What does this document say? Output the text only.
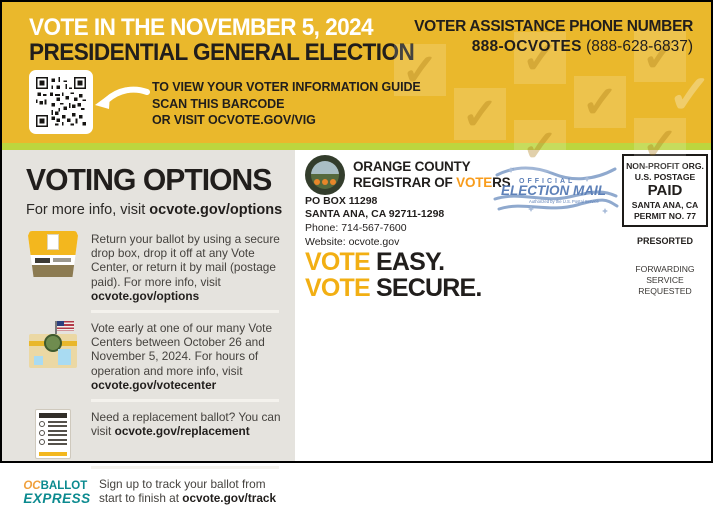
✓
✓
✓
✓
✓
✓
✓
✓
VOTE IN THE NOVEMBER 5, 2024
PRESIDENTIAL GENERAL ELECTION
VOTER ASSISTANCE PHONE NUMBER
888-OCVOTES (888-628-6837)
TO VIEW YOUR VOTER INFORMATION GUIDE
SCAN THIS BARCODE
OR VISIT OCVOTE.GOV/VIG
VOTING OPTIONS
For more info, visit ocvote.gov/options
Return your ballot by using a secure drop box, drop it off at any Vote Center, or return it by mail (postage paid). For more info, visit ocvote.gov/options
Vote early at one of our many Vote Centers between October 26 and November 5, 2024. For hours of operation and more info, visit ocvote.gov/votecenter
Need a replacement ballot? You can visit ocvote.gov/replacement
OCBALLOT
EXPRESS
Sign up to track your ballot from start to finish at ocvote.gov/track
ORANGE COUNTY
REGISTRAR OF VOTERS
PO BOX 11298
SANTA ANA, CA 92711-1298
Phone: 714-567-7600
Website: ocvote.gov
VOTE EASY.
VOTE SECURE.
OFFICIAL
ELECTION MAIL
Authorized by the U.S. Postal Service
NON-PROFIT ORG.
U.S. POSTAGE
PAID
SANTA ANA, CA
PERMIT NO. 77
PRESORTED
FORWARDING
SERVICE
REQUESTED
